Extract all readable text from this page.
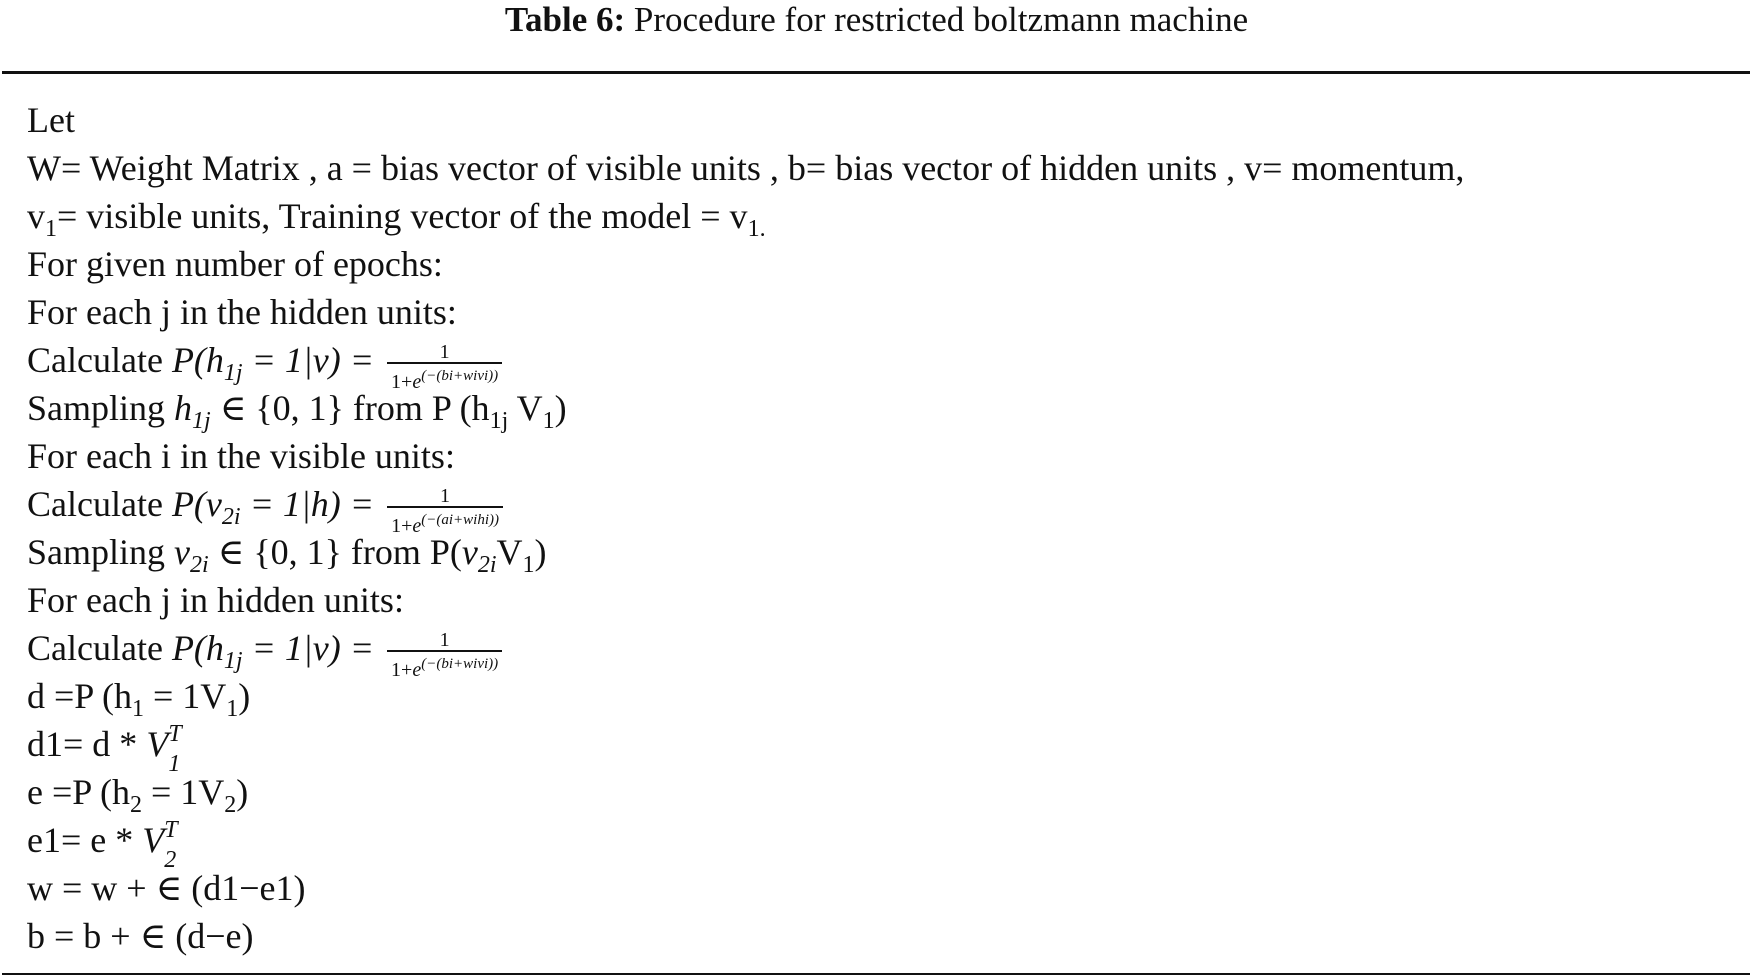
Table 6: Procedure for restricted boltzmann machine
Let
W= Weight Matrix , a = bias vector of visible units , b= bias vector of hidden units , v= momentum,
$v_1=$ visible units, Training vector of the model = $v_{1.}$
For given number of epochs:
For each j in the hidden units:
Calculate $P(h_{1j} = 1|v) = \frac{1}{1+e^{(-(bi+wivi))}}$
Sampling $h_{1j}$ ∈ {0, 1} from P ($h_{1j}$ $V_1$)
For each i in the visible units:
Calculate $P(v_{2i} = 1|h) = \frac{1}{1+e^{(-(ai+wihi))}}$
Sampling $v_{2i}$ ∈ {0, 1} from $P(v_{2i}V_1)$
For each j in hidden units:
Calculate $P(h_{1j} = 1|v) = \frac{1}{1+e^{(-(bi+wivi))}}$
d =P $(h_1 = 1V_1)$
d1= d * V T
1
e =P $(h_2 = 1V_2)$
e1= e * V T
2
w = w + ∈ (d1−e1)
b = b + ∈ (d−e)
